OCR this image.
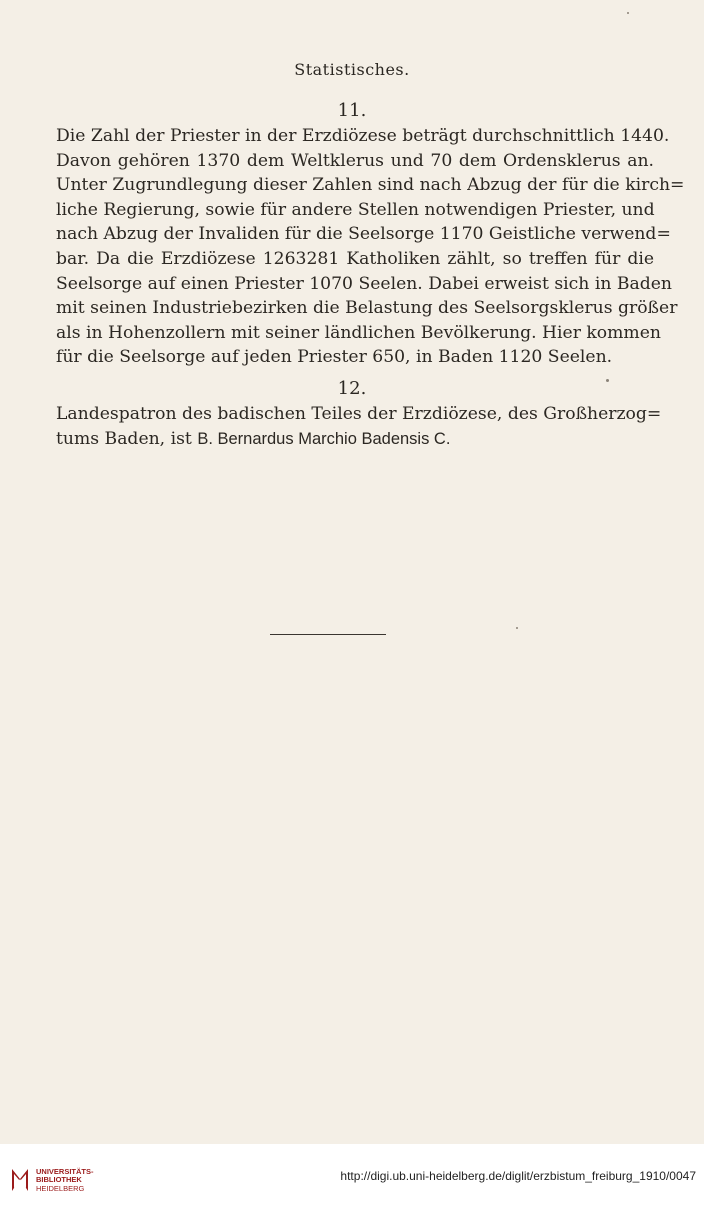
Statistisches.
11.

Die Zahl der Priester in der Erzdiözese beträgt durchschnittlich 1440.
Davon gehören 1370 dem Weltklerus und 70 dem Ordensklerus an.
Unter Zugrundlegung dieser Zahlen sind nach Abzug der für die kirch=
liche Regierung, sowie für andere Stellen notwendigen Priester, und
nach Abzug der Invaliden für die Seelsorge 1170 Geistliche verwend=
bar. Da die Erzdiözese 1263281 Katholiken zählt, so treffen für die
Seelsorge auf einen Priester 1070 Seelen. Dabei erweist sich in Baden
mit seinen Industriebezirken die Belastung des Seelsorgsklerus größer
als in Hohenzollern mit seiner ländlichen Bevölkerung. Hier kommen
für die Seelsorge auf jeden Priester 650, in Baden 1120 Seelen.

12.

Landespatron des badischen Teiles der Erzdiözese, des Großherzog=
tums Baden, ist B. Bernardus Marchio Badensis C.

UNIVERSITÄTS-
BIBLIOTHEK
HEIDELBERG
http://digi.ub.uni-heidelberg.de/diglit/erzbistum_freiburg_1910/0047
